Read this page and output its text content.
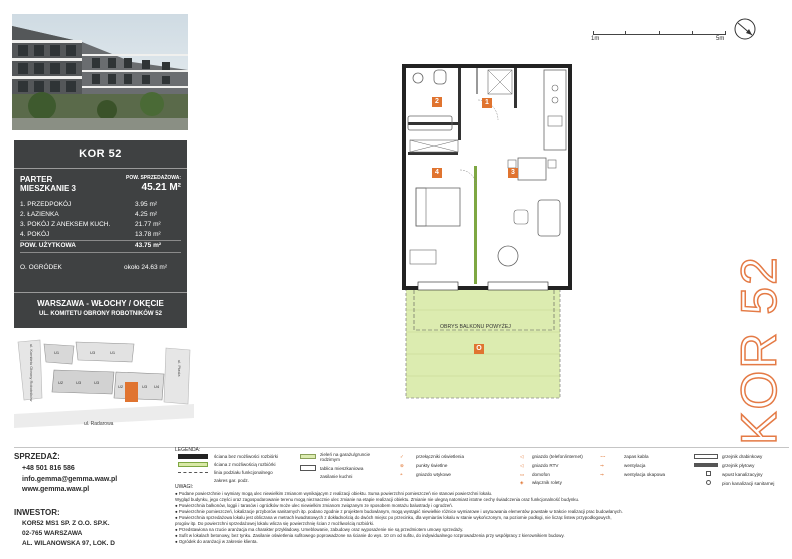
KOR 52
PARTER
MIESZKANIE 3
POW. SPRZEDAŻOWA:
45.21 M²
1. PRZEDPOKÓJ	3.95 m²
2. ŁAZIENKA	4.25 m²
3. POKÓJ Z ANEKSEM KUCH.	21.77 m²
4. POKÓJ	13.78 m²
POW. UŻYTKOWA	43.75 m²
O. OGRÓDEK	około 24.63 m²
WARSZAWA - WŁOCHY / OKĘCIE
UL. KOMITETU OBRONY ROBOTNIKÓW 52
ul. Komitetu Obrony Robotników	ul. Ptasia
ul. Radarowa
U1
U2
U3	U1
U3	U3
U2	U3 U4
1m	5m
1
2
3
4
O
OBRYS BALKONU POWYŻEJ	KOR 52
SPRZEDAŻ:
+48 501 816 586
info.gemma@gemma.waw.pl
www.gemma.waw.pl
INWESTOR:
KOR52 MS1 SP. Z O.O. SP.K.
02-765 WARSZAWA
AL. WILANOWSKA 97, LOK. D
LEGENDA:
ściana bez możliwości rozbiórki
ściana z możliwością rozbiórki
linia podziału funkcjonalnego
zakres gar. podz.
zieleń na garażu/gruncie rodzimym
tablica mieszkaniowa
zasilanie kuchni
✓	przełączniki oświetlenia
⊗	punkty świetlne
◓	gniazdo wtykowe
◁ gniazdo (telefon/internet)
◁ gniazdo RTV
▭ domofon
◈ włącznik rolety
~~	zapas kabla
⇝	wentylacja
⇝	wentylacja okapowa
grzejnik drabinkowy
grzejnik płytowy
wpust kanalizacyjny
pion kanalizacji sanitarnej
UWAGI:
● Podane powierzchnie i wymiary mogą ulec niewielkim zmianom wynikającym z realizacji obiektu. Suma powierzchni pomieszczeń nie stanowi powierzchni lokalu.
Wygląd budynku, jego części oraz zagospodarowanie terenu mogą nieznacznie ulec zmianie na etapie realizacji obiektu. Zmianie nie ulegną natomiast istotne cechy świadczenia oraz funkcjonalność budynku.
● Powierzchnia balkonów, loggii i tarasów i ogródków może ulec niewielkim zmianom związanym ze sposobem montażu balustrady i ogrodzeń.
● Powierzchnie pomieszczeń, lokalizacje przyborów sanitarnych itp. podano zgodnie z projektem budowlanym, mogą wystąpić niewielkie różnice wymiarowe i usytuowania elementów powstałe w trakcie realizacji prac budowlanych.
● Powierzchnia sprzedażowa lokalu jest obliczana w metrach kwadratowych z dokładnością do dwóch miejsc po przecinku, dla wymiarów lokalu w stanie wykończonym, na poziomie podłogi, nie licząc listew przypodłogowych,
progów itp. Do powierzchni sprzedażowej lokalu wlicza się powierzchnię ścian z możliwością rozbiórki.
● Przedstawiona na rzucie aranżacja ma charakter przykładowy. Umeblowanie, zabudowy oraz wyposażenie nie są przedmiotem umowy sprzedaży.
● Sufit w lokalach betonowy, bez tynku. Zasilanie oświetlenia sufitowego poprowadzone na ścianie do wys. 10 cm od sufitu, do indywidualnego rozprowadzenia przy współpracy z kierownikiem budowy.
● Ogródek do aranżacji w zakresie klienta.
